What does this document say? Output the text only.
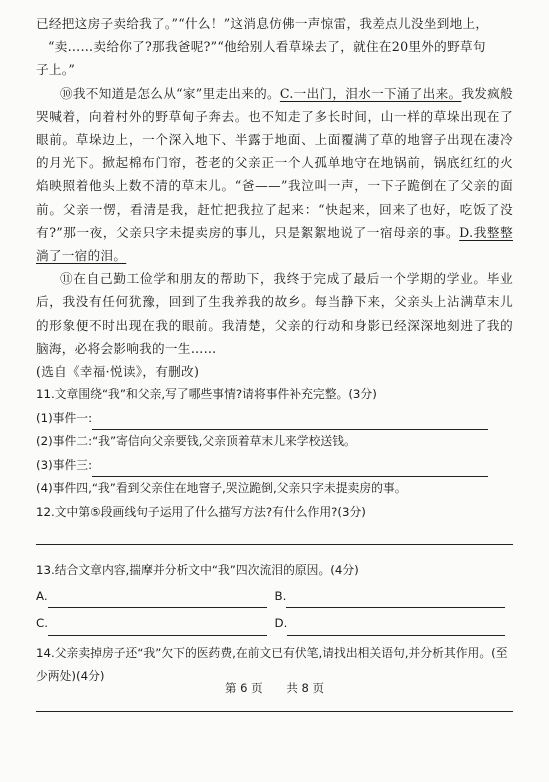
已经把这房子卖给我了。”“什么！”这消息仿佛一声惊雷，我差点儿没坐到地上，

“卖……卖给你了?那我爸呢?”“他给别人看草垛去了，就住在20里外的野草句

子上。”

⑩我不知道是怎么从“家”里走出来的。C.一出门，泪水一下涌了出来。我发疯般哭喊着，向着村外的野草甸子奔去。也不知走了多长时间，山一样的草垛出现在了眼前。草垛边上，一个深入地下、半露于地面、上面覆满了草的地窨子出现在凄冷的月光下。掀起棉布门帘，苍老的父亲正一个人孤单地守在地锅前，锅底红红的火焰映照着他头上数不清的草末儿。“爸——”我泣叫一声，一下子跪倒在了父亲的面前。父亲一愣，看清是我，赶忙把我拉了起来：“快起来，回来了也好，吃饭了没有?”那一夜，父亲只字未提卖房的事儿，只是絮絮地说了一宿母亲的事。D.我整整淌了一宿的泪。

⑪在自己勤工俭学和朋友的帮助下，我终于完成了最后一个学期的学业。毕业后，我没有任何犹豫，回到了生我养我的故乡。每当静下来，父亲头上沾满草末儿的形象便不时出现在我的眼前。我清楚，父亲的行动和身影已经深深地刻进了我的脑海，必将会影响我的一生……

(选自《幸福·悦读》，有删改)

11.文章围绕“我”和父亲,写了哪些事情?请将事件补充完整。(3分)

(1)事件一:

(2)事件二:“我”寄信向父亲要钱,父亲顶着草末儿来学校送钱。

(3)事件三:

(4)事件四,“我”看到父亲住在地窨子,哭泣跪倒,父亲只字未提卖房的事。

12.文中第⑤段画线句子运用了什么描写方法?有什么作用?(3分)

13.结合文章内容,揣摩并分析文中“我”四次流泪的原因。(4分)

A.	B.
C.	D.

14.父亲卖掉房子还“我”欠下的医药费,在前文已有伏笔,请找出相关语句,并分析其作用。(至少两处)(4分)

第 6 页 共 8 页
